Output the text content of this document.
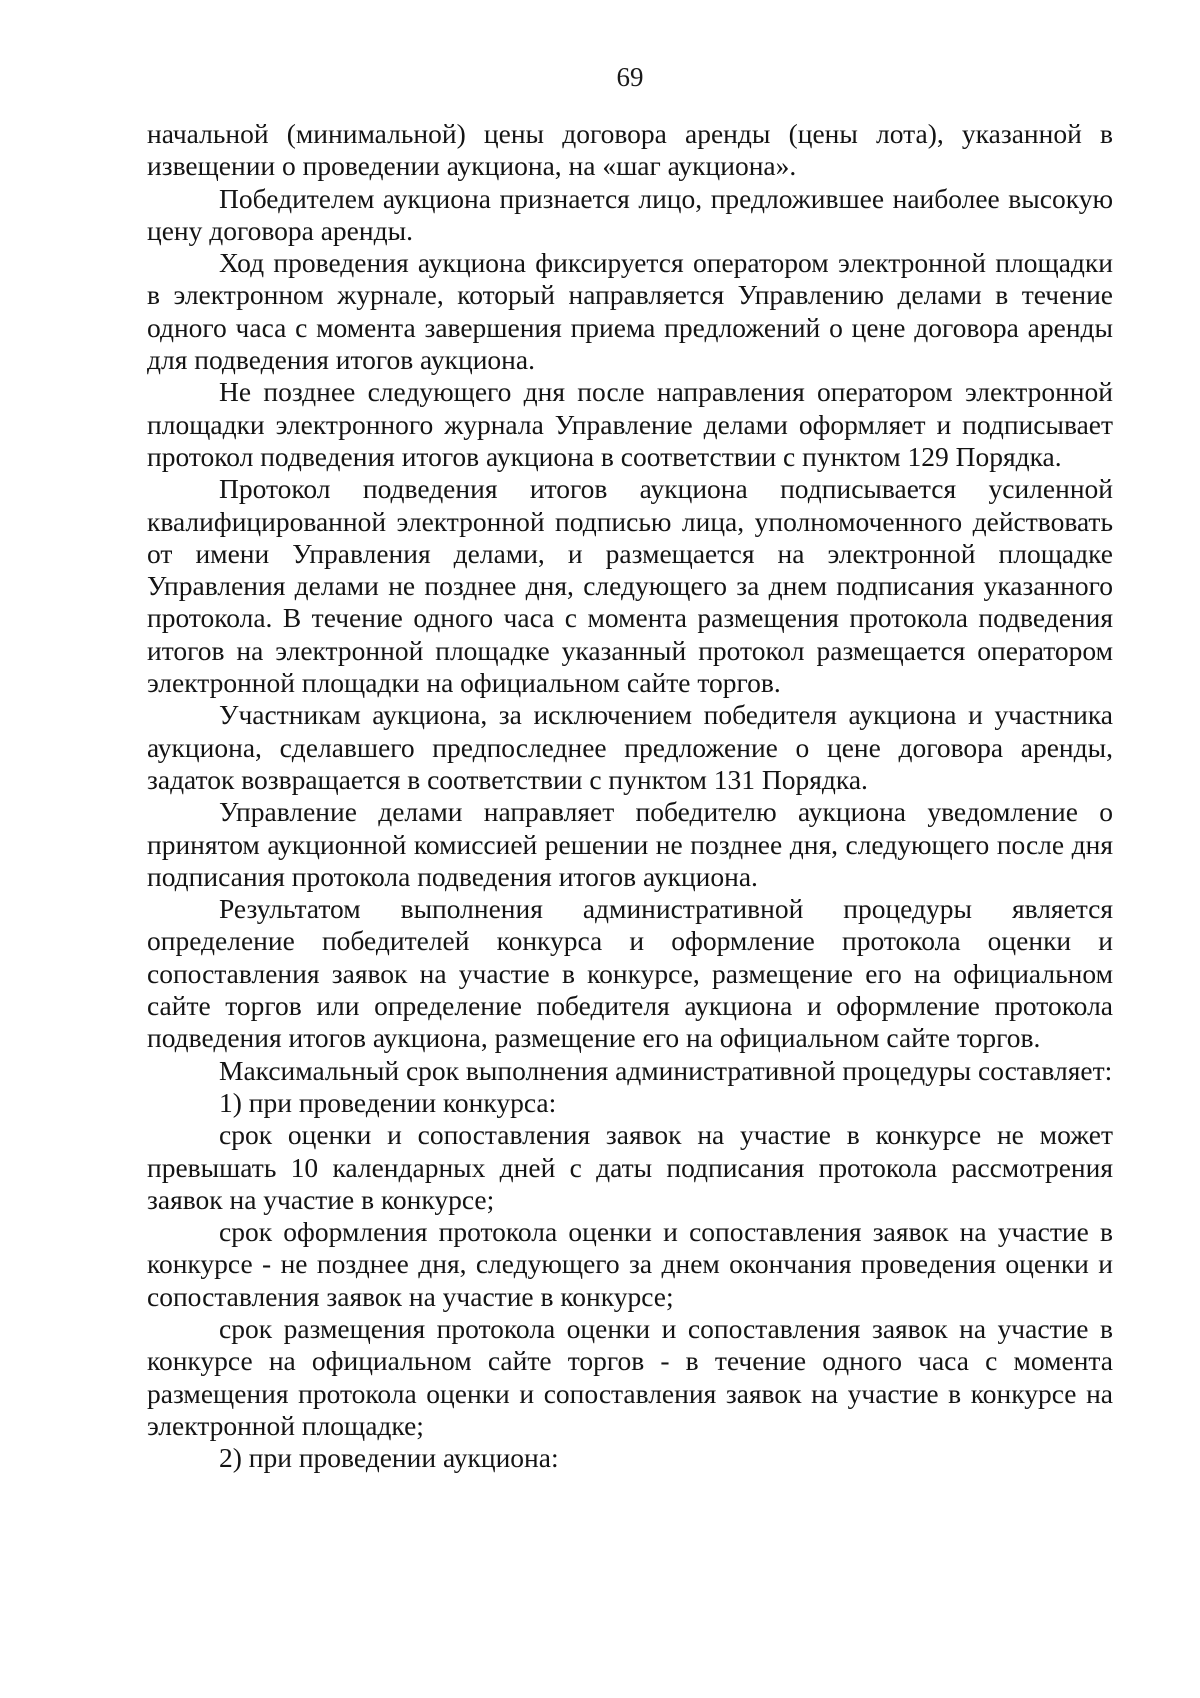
69

начальной (минимальной) цены договора аренды (цены лота), указанной в извещении о проведении аукциона, на «шаг аукциона».

Победителем аукциона признается лицо, предложившее наиболее высокую цену договора аренды.

Ход проведения аукциона фиксируется оператором электронной площадки в электронном журнале, который направляется Управлению делами в течение одного часа с момента завершения приема предложений о цене договора аренды для подведения итогов аукциона.

Не позднее следующего дня после направления оператором электронной площадки электронного журнала Управление делами оформляет и подписывает протокол подведения итогов аукциона в соответствии с пунктом 129 Порядка.

Протокол подведения итогов аукциона подписывается усиленной квалифицированной электронной подписью лица, уполномоченного действовать от имени Управления делами, и размещается на электронной площадке Управления делами не позднее дня, следующего за днем подписания указанного протокола. В течение одного часа с момента размещения протокола подведения итогов на электронной площадке указанный протокол размещается оператором электронной площадки на официальном сайте торгов.

Участникам аукциона, за исключением победителя аукциона и участника аукциона, сделавшего предпоследнее предложение о цене договора аренды, задаток возвращается в соответствии с пунктом 131 Порядка.

Управление делами направляет победителю аукциона уведомление о принятом аукционной комиссией решении не позднее дня, следующего после дня подписания протокола подведения итогов аукциона.

Результатом выполнения административной процедуры является определение победителей конкурса и оформление протокола оценки и сопоставления заявок на участие в конкурсе, размещение его на официальном сайте торгов или определение победителя аукциона и оформление протокола подведения итогов аукциона, размещение его на официальном сайте торгов.

Максимальный срок выполнения административной процедуры составляет:

1) при проведении конкурса:

срок оценки и сопоставления заявок на участие в конкурсе не может превышать 10 календарных дней с даты подписания протокола рассмотрения заявок на участие в конкурсе;

срок оформления протокола оценки и сопоставления заявок на участие в конкурсе - не позднее дня, следующего за днем окончания проведения оценки и сопоставления заявок на участие в конкурсе;

срок размещения протокола оценки и сопоставления заявок на участие в конкурсе на официальном сайте торгов - в течение одного часа с момента размещения протокола оценки и сопоставления заявок на участие в конкурсе на электронной площадке;

2) при проведении аукциона:
